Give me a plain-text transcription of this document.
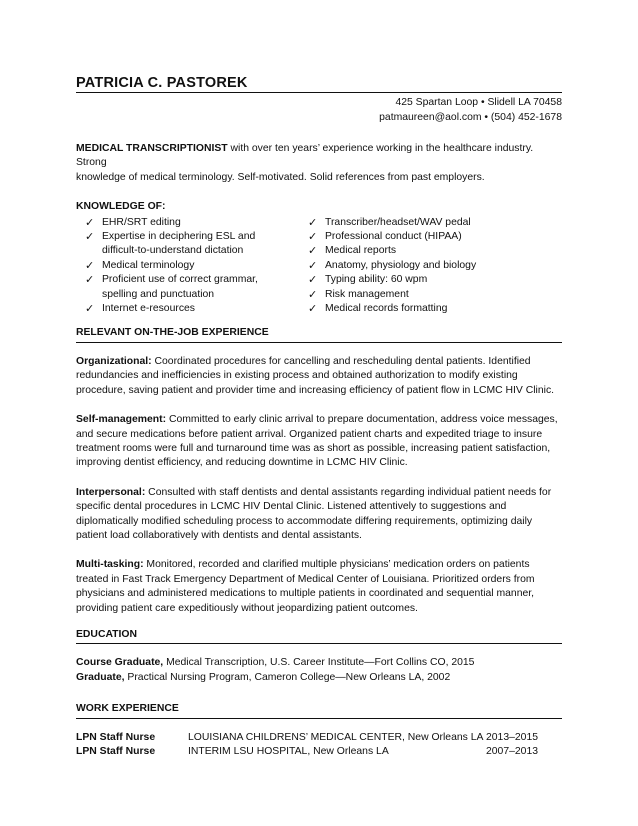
PATRICIA C. PASTOREK
425 Spartan Loop • Slidell LA 70458
patmaureen@aol.com • (504) 452-1678
MEDICAL TRANSCRIPTIONIST with over ten years’ experience working in the healthcare industry. Strong
knowledge of medical terminology. Self-motivated. Solid references from past employers.
KNOWLEDGE OF:
✓ EHR/SRT editing
✓ Expertise in deciphering ESL and
difficult-to-understand dictation
✓ Medical terminology
✓ Proficient use of correct grammar,
spelling and punctuation
✓ Internet e-resources
✓ Transcriber/headset/WAV pedal
✓ Professional conduct (HIPAA)
✓ Medical reports
✓ Anatomy, physiology and biology
✓ Typing ability: 60 wpm
✓ Risk management
✓ Medical records formatting
RELEVANT ON-THE-JOB EXPERIENCE
Organizational: Coordinated procedures for cancelling and rescheduling dental patients. Identified
redundancies and inefficiencies in existing process and obtained authorization to modify existing
procedure, saving patient and provider time and increasing efficiency of patient flow in LCMC HIV Clinic.
Self-management: Committed to early clinic arrival to prepare documentation, address voice messages,
and secure medications before patient arrival. Organized patient charts and expedited triage to insure
treatment rooms were full and turnaround time was as short as possible, increasing patient satisfaction,
improving dentist efficiency, and reducing downtime in LCMC HIV Clinic.
Interpersonal: Consulted with staff dentists and dental assistants regarding individual patient needs for
specific dental procedures in LCMC HIV Dental Clinic. Listened attentively to suggestions and
diplomatically modified scheduling process to accommodate differing requirements, optimizing daily
patient load collaboratively with dentists and dental assistants.
Multi-tasking: Monitored, recorded and clarified multiple physicians’ medication orders on patients
treated in Fast Track Emergency Department of Medical Center of Louisiana. Prioritized orders from
physicians and administered medications to multiple patients in coordinated and sequential manner,
providing patient care expeditiously without jeopardizing patient outcomes.
EDUCATION
Course Graduate, Medical Transcription, U.S. Career Institute—Fort Collins CO, 2015
Graduate, Practical Nursing Program, Cameron College—New Orleans LA, 2002
WORK EXPERIENCE
LPN Staff Nurse	LOUISIANA CHILDRENS’ MEDICAL CENTER, New Orleans LA 2013–2015
LPN Staff Nurse	INTERIM LSU HOSPITAL, New Orleans LA	2007–2013
